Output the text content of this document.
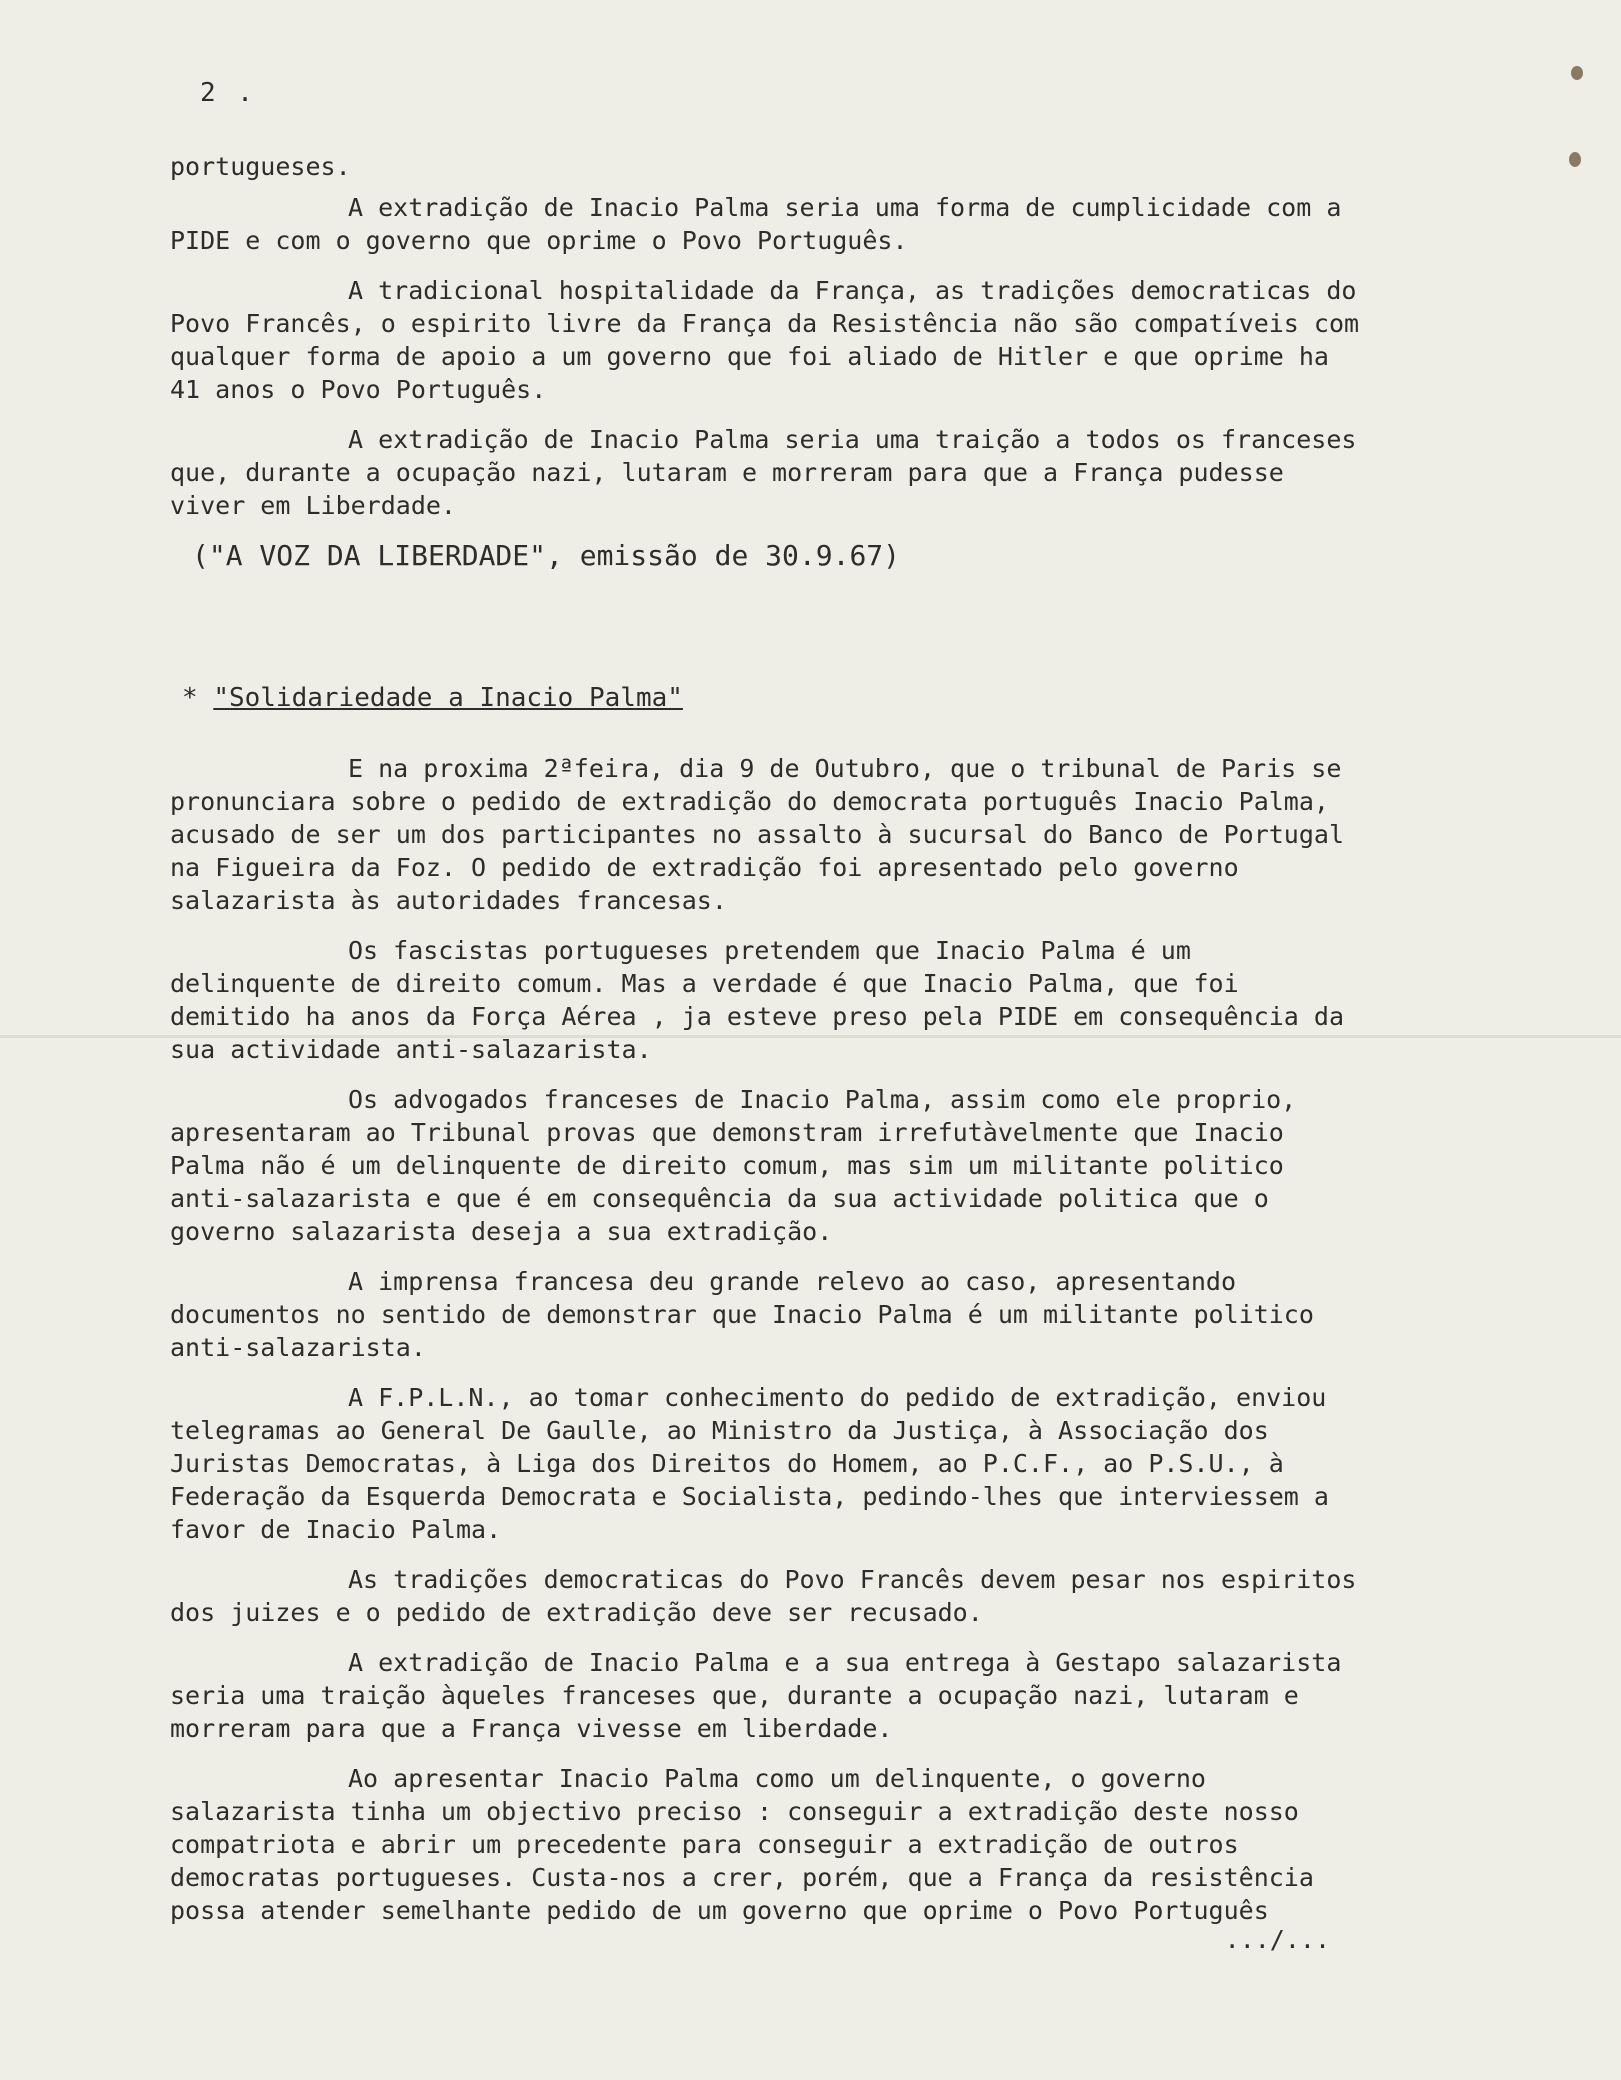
2 .

portugueses.

A extradição de Inacio Palma seria uma forma de cumplicidade com a PIDE e com o governo que oprime o Povo Português.

A tradicional hospitalidade da França, as tradições democraticas do Povo Francês, o espirito livre da França da Resistência não são compatíveis com qualquer forma de apoio a um governo que foi aliado de Hitler e que oprime ha 41 anos o Povo Português.

A extradição de Inacio Palma seria uma traição a todos os franceses que, durante a ocupação nazi, lutaram e morreram para que a França pudesse viver em Liberdade.

("A VOZ DA LIBERDADE", emissão de 30.9.67)

* "Solidariedade a Inacio Palma"

E na proxima 2ªfeira, dia 9 de Outubro, que o tribunal de Paris se pronunciara sobre o pedido de extradição do democrata português Inacio Palma, acusado de ser um dos participantes no assalto à sucursal do Banco de Portugal na Figueira da Foz. O pedido de extradição foi apresentado pelo governo salazarista às autoridades francesas.

Os fascistas portugueses pretendem que Inacio Palma é um delinquente de direito comum. Mas a verdade é que Inacio Palma, que foi demitido ha anos da Força Aérea , ja esteve preso pela PIDE em consequência da sua actividade anti-salazarista.

Os advogados franceses de Inacio Palma, assim como ele proprio, apresentaram ao Tribunal provas que demonstram irrefutàvelmente que Inacio Palma não é um delinquente de direito comum, mas sim um militante politico anti-salazarista e que é em consequência da sua actividade politica que o governo salazarista deseja a sua extradição.

A imprensa francesa deu grande relevo ao caso, apresentando documentos no sentido de demonstrar que Inacio Palma é um militante politico anti-salazarista.

A F.P.L.N., ao tomar conhecimento do pedido de extradição, enviou telegramas ao General De Gaulle, ao Ministro da Justiça, à Associação dos Juristas Democratas, à Liga dos Direitos do Homem, ao P.C.F., ao P.S.U., à Federação da Esquerda Democrata e Socialista, pedindo-lhes que interviessem a favor de Inacio Palma.

As tradições democraticas do Povo Francês devem pesar nos espiritos dos juizes e o pedido de extradição deve ser recusado.

A extradição de Inacio Palma e a sua entrega à Gestapo salazarista seria uma traição àqueles franceses que, durante a ocupação nazi, lutaram e morreram para que a França vivesse em liberdade.

Ao apresentar Inacio Palma como um delinquente, o governo salazarista tinha um objectivo preciso : conseguir a extradição deste nosso compatriota e abrir um precedente para conseguir a extradição de outros democratas portugueses. Custa-nos a crer, porém, que a França da resistência possa atender semelhante pedido de um governo que oprime o Povo Português

.../...
